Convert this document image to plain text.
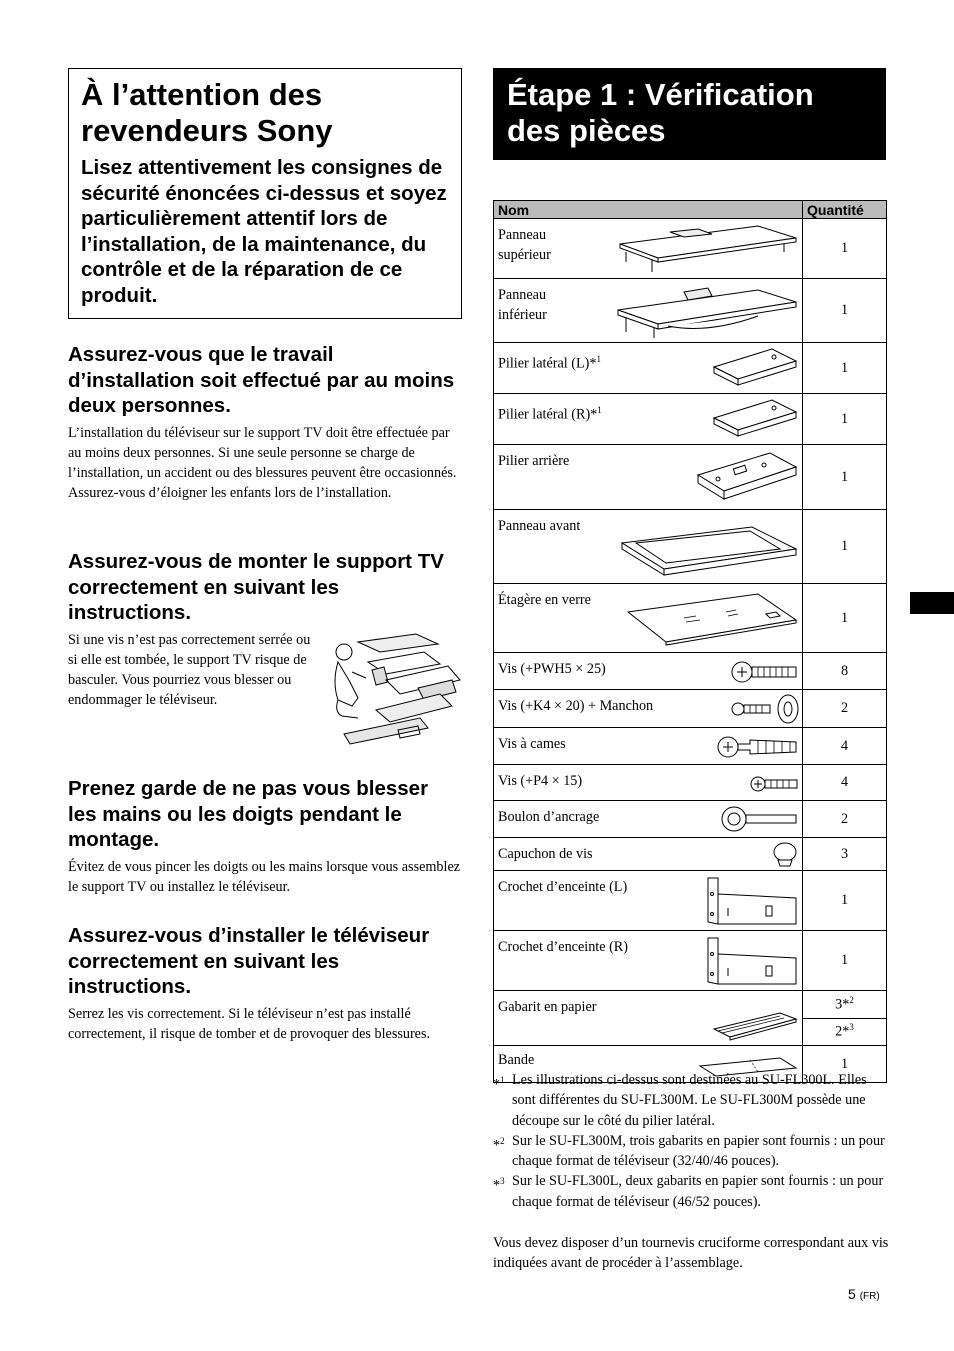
À l’attention des revendeurs Sony

Lisez attentivement les consignes de sécurité énoncées ci-dessus et soyez particulièrement attentif lors de l’installation, de la maintenance, du contrôle et de la réparation de ce produit.

Assurez-vous que le travail d’installation soit effectué par au moins deux personnes.

L’installation du téléviseur sur le support TV doit être effectuée par au moins deux personnes. Si une seule personne se charge de l’installation, un accident ou des blessures peuvent être occasionnés. Assurez-vous d’éloigner les enfants lors de l’installation.

Assurez-vous de monter le support TV correctement en suivant les instructions.

Si une vis n’est pas correctement serrée ou si elle est tombée, le support TV risque de basculer. Vous pourriez vous blesser ou endommager le téléviseur.

Prenez garde de ne pas vous blesser les mains ou les doigts pendant le montage.

Évitez de vous pincer les doigts ou les mains lorsque vous assemblez le support TV ou installez le téléviseur.

Assurez-vous d’installer le téléviseur correctement en suivant les instructions.

Serrez les vis correctement. Si le téléviseur n’est pas installé correctement, il risque de tomber et de provoquer des blessures.

Étape 1 : Vérification des pièces
Nom	Quantité

Panneau supérieur	1

Panneau inférieur	1

Pilier latéral (L)*$^1$	1

Pilier latéral (R)*$^1$	1

Pilier arrière	1

Panneau avant	1

Étagère en verre	1

Vis (+PWH5 × 25)	8

Vis (+K4 × 20) + Manchon	2

Vis à cames	4

Vis (+P4 × 15)	4

Boulon d’ancrage	2

Capuchon de vis	3

Crochet d’enceinte (L)	1

Crochet d’enceinte (R)	1

Gabarit en papier	3*$^2$
	2*$^3$

Bande	1
*$^1$ Les illustrations ci-dessus sont destinées au SU-FL300L. Elles sont différentes du SU-FL300M. Le SU-FL300M possède une découpe sur le côté du pilier latéral.
*$^2$ Sur le SU-FL300M, trois gabarits en papier sont fournis : un pour chaque format de téléviseur (32/40/46 pouces).
*$^3$ Sur le SU-FL300L, deux gabarits en papier sont fournis : un pour chaque format de téléviseur (46/52 pouces).

Vous devez disposer d’un tournevis cruciforme correspondant aux vis indiquées avant de procéder à l’assemblage.

5 (FR)
